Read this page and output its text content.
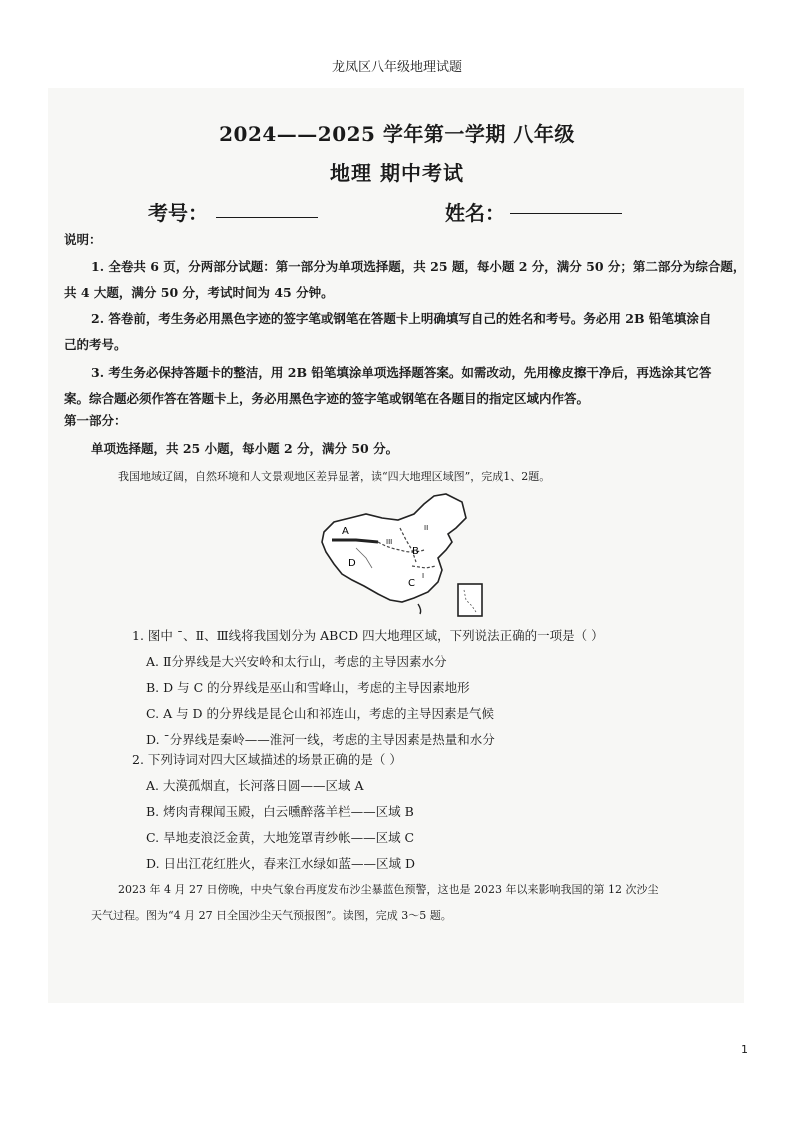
龙凤区八年级地理试题
2024——2025 学年第一学期 八年级
地理 期中考试
考号：	姓名：
说明：
1. 全卷共 6 页，分两部分试题：第一部分为单项选择题，共 25 题，每小题 2 分，满分 50 分；第二部分为综合题，
共 4 大题，满分 50 分，考试时间为 45 分钟。
2. 答卷前，考生务必用黑色字迹的签字笔或钢笔在答题卡上明确填写自己的姓名和考号。务必用 2B 铅笔填涂自
己的考号。
3. 考生务必保持答题卡的整洁，用 2B 铅笔填涂单项选择题答案。如需改动，先用橡皮擦干净后，再选涂其它答
案。综合题必须作答在答题卡上，务必用黑色字迹的签字笔或钢笔在各题目的指定区域内作答。
第一部分：
单项选择题，共 25 小题，每小题 2 分，满分 50 分。
我国地域辽阔，自然环境和人文景观地区差异显著，读“四大地理区域图”，完成1、2题。
A
B
C
D
I
II
III
1. 图中 ˉ、Ⅱ、Ⅲ线将我国划分为 ABCD 四大地理区域，下列说法正确的一项是（ ）
A. Ⅱ分界线是大兴安岭和太行山，考虑的主导因素水分
B. D 与 C 的分界线是巫山和雪峰山，考虑的主导因素地形
C. A 与 D 的分界线是昆仑山和祁连山，考虑的主导因素是气候
D. ˉ分界线是秦岭——淮河一线，考虑的主导因素是热量和水分
2. 下列诗词对四大区域描述的场景正确的是（ ）
A. 大漠孤烟直，长河落日圆——区域 A
B. 烤肉青稞闻玉殿，白云曛醉落羊栏——区域 B
C. 旱地麦浪泛金黄，大地笼罩青纱帐——区域 C
D. 日出江花红胜火，春来江水绿如蓝——区域 D
2023 年 4 月 27 日傍晚，中央气象台再度发布沙尘暴蓝色预警，这也是 2023 年以来影响我国的第 12 次沙尘
天气过程。图为“4 月 27 日全国沙尘天气预报图”。读图，完成 3～5 题。
1
